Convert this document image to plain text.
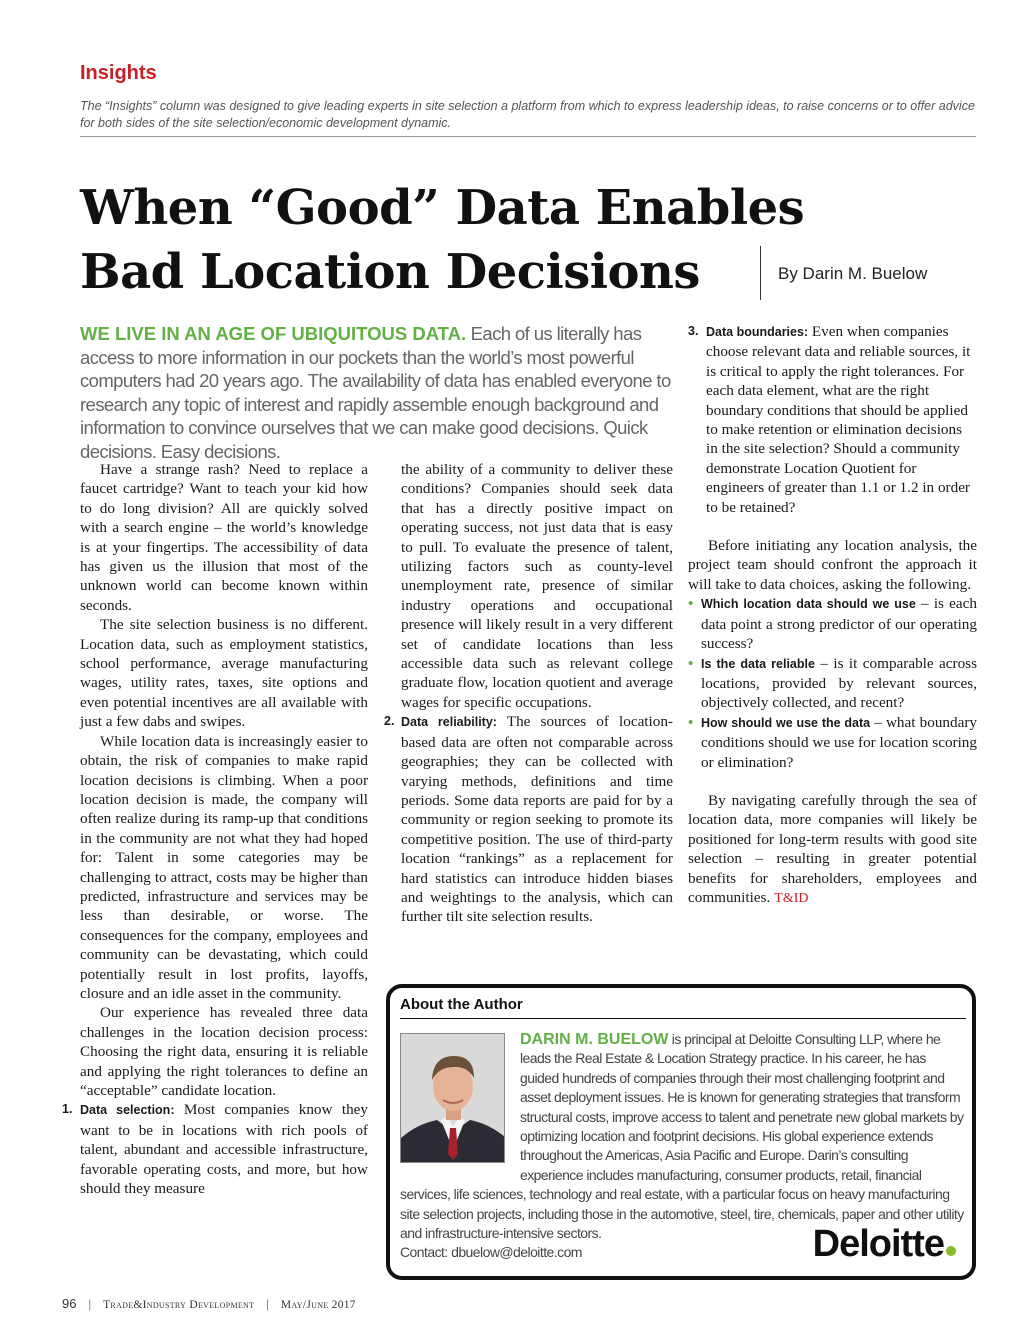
Insights
The “Insights” column was designed to give leading experts in site selection a platform from which to express leadership ideas, to raise concerns or to offer advice for both sides of the site selection/economic development dynamic.
When “Good” Data Enables
Bad Location Decisions	By Darin M. Buelow
WE LIVE IN AN AGE OF UBIQUITOUS DATA. Each of us literally has access to more information in our pockets than the world’s most powerful computers had 20 years ago. The availability of data has enabled everyone to research any topic of interest and rapidly assemble enough background and information to convince ourselves that we can make good decisions. Quick decisions. Easy decisions.

Have a strange rash? Need to replace a faucet cartridge? Want to teach your kid how to do long division? All are quickly solved with a search engine – the world’s knowledge is at your fingertips. The accessibility of data has given us the illusion that most of the unknown world can become known within seconds.

The site selection business is no different. Location data, such as employment statistics, school performance, average manufacturing wages, utility rates, taxes, site options and even potential incentives are all available with just a few dabs and swipes.

While location data is increasingly easier to obtain, the risk of companies to make rapid location decisions is climbing. When a poor location decision is made, the company will often realize during its ramp-up that conditions in the community are not what they had hoped for: Talent in some categories may be challenging to attract, costs may be higher than predicted, infrastructure and services may be less than desirable, or worse. The consequences for the company, employees and community can be devastating, which could potentially result in lost profits, layoffs, closure and an idle asset in the community.

Our experience has revealed three data challenges in the location decision process: Choosing the right data, ensuring it is reliable and applying the right tolerances to define an “acceptable” candidate location.

1. Data selection: Most companies know they want to be in locations with rich pools of talent, abundant and accessible infrastructure, favorable operating costs, and more, but how should they measure
the ability of a community to deliver these conditions? Companies should seek data that has a directly positive impact on operating success, not just data that is easy to pull. To evaluate the presence of talent, utilizing factors such as county-level unemployment rate, presence of similar industry operations and occupational presence will likely result in a very different set of candidate locations than less accessible data such as relevant college graduate flow, location quotient and average wages for specific occupations.
2. Data reliability: The sources of location-based data are often not comparable across geographies; they can be collected with varying methods, definitions and time periods. Some data reports are paid for by a community or region seeking to promote its competitive position. The use of third-party location “rankings” as a replacement for hard statistics can introduce hidden biases and weightings to the analysis, which can further tilt site selection results.
3. Data boundaries: Even when companies choose relevant data and reliable sources, it is critical to apply the right tolerances. For each data element, what are the right boundary conditions that should be applied to make retention or elimination decisions in the site selection? Should a community demonstrate Location Quotient for engineers of greater than 1.1 or 1.2 in order to be retained?

Before initiating any location analysis, the project team should confront the approach it will take to data choices, asking the following.

• Which location data should we use – is each data point a strong predictor of our operating success?
• Is the data reliable – is it comparable across locations, provided by relevant sources, objectively collected, and recent?
• How should we use the data – what boundary conditions should we use for location scoring or elimination?

By navigating carefully through the sea of location data, more companies will likely be positioned for long-term results with good site selection – resulting in greater potential benefits for shareholders, employees and communities. T&ID

About the Author
DARIN M. BUELOW is principal at Deloitte Consulting LLP, where he leads the Real Estate & Location Strategy practice. In his career, he has guided hundreds of companies through their most challenging footprint and asset deployment issues. He is known for generating strategies that transform structural costs, improve access to talent and penetrate new global markets by optimizing location and footprint decisions. His global experience extends throughout the Americas, Asia Pacific and Europe. Darin’s consulting experience includes manufacturing, consumer products, retail, financial services, life sciences, technology and real estate, with a particular focus on heavy manufacturing site selection projects, including those in the automotive, steel, tire, chemicals, paper and other utility and infrastructure-intensive sectors.
Contact: dbuelow@deloitte.com	Deloitte
96 | Trade&Industry Development | May/June 2017
